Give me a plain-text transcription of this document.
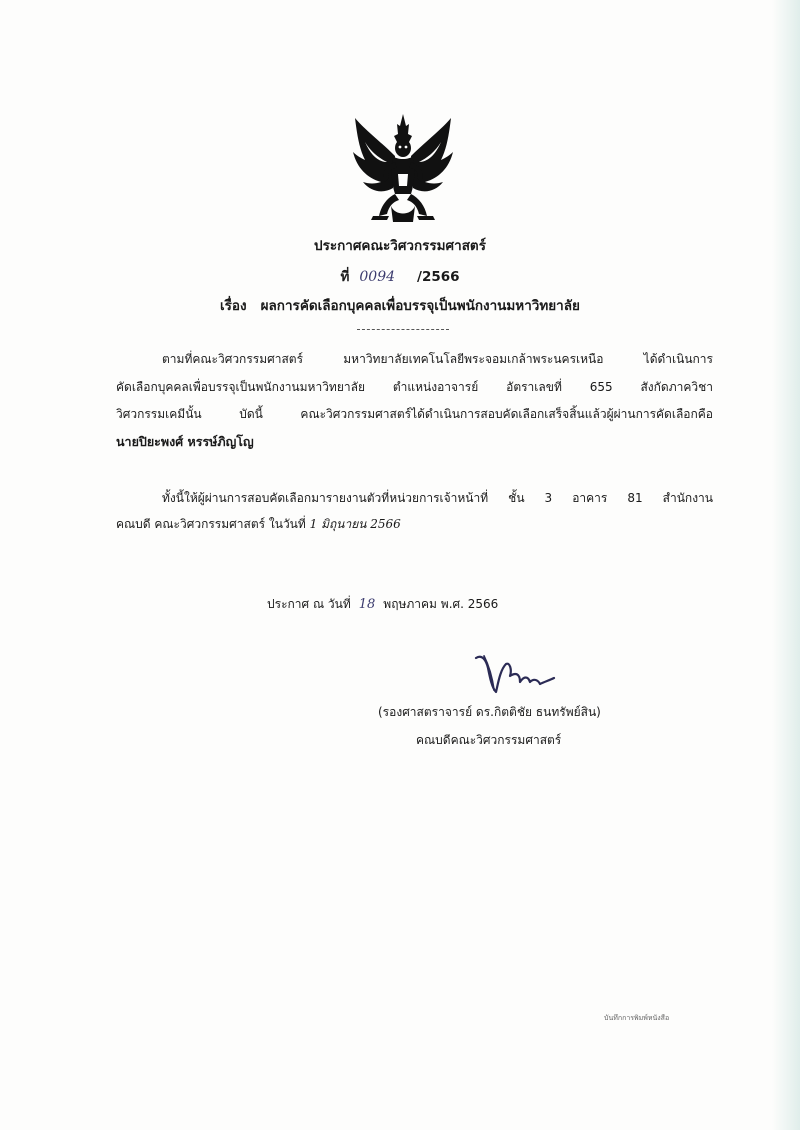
ประกาศคณะวิศวกรรมศาสตร์
ที่ 0094 /2566
เรื่อง ผลการคัดเลือกบุคคลเพื่อบรรจุเป็นพนักงานมหาวิทยาลัย
ตามที่คณะวิศวกรรมศาสตร์ มหาวิทยาลัยเทคโนโลยีพระจอมเกล้าพระนครเหนือ ได้ดำเนินการ
คัดเลือกบุคคลเพื่อบรรจุเป็นพนักงานมหาวิทยาลัย ตำแหน่งอาจารย์ อัตราเลขที่ 655 สังกัดภาควิชา
วิศวกรรมเคมีนั้น บัดนี้ คณะวิศวกรรมศาสตร์ได้ดำเนินการสอบคัดเลือกเสร็จสิ้นแล้วผู้ผ่านการคัดเลือกคือ
นายปิยะพงศ์ หรรษ์ภิญโญ
ทั้งนี้ให้ผู้ผ่านการสอบคัดเลือกมารายงานตัวที่หน่วยการเจ้าหน้าที่ ชั้น 3 อาคาร 81 สำนักงาน
คณบดี คณะวิศวกรรมศาสตร์ ในวันที่ 1 มิถุนายน 2566
ประกาศ ณ วันที่ 18 พฤษภาคม พ.ศ. 2566
(รองศาสตราจารย์ ดร.กิตติชัย ธนทรัพย์สิน)
คณบดีคณะวิศวกรรมศาสตร์
บันทึกการพิมพ์หนังสือ
